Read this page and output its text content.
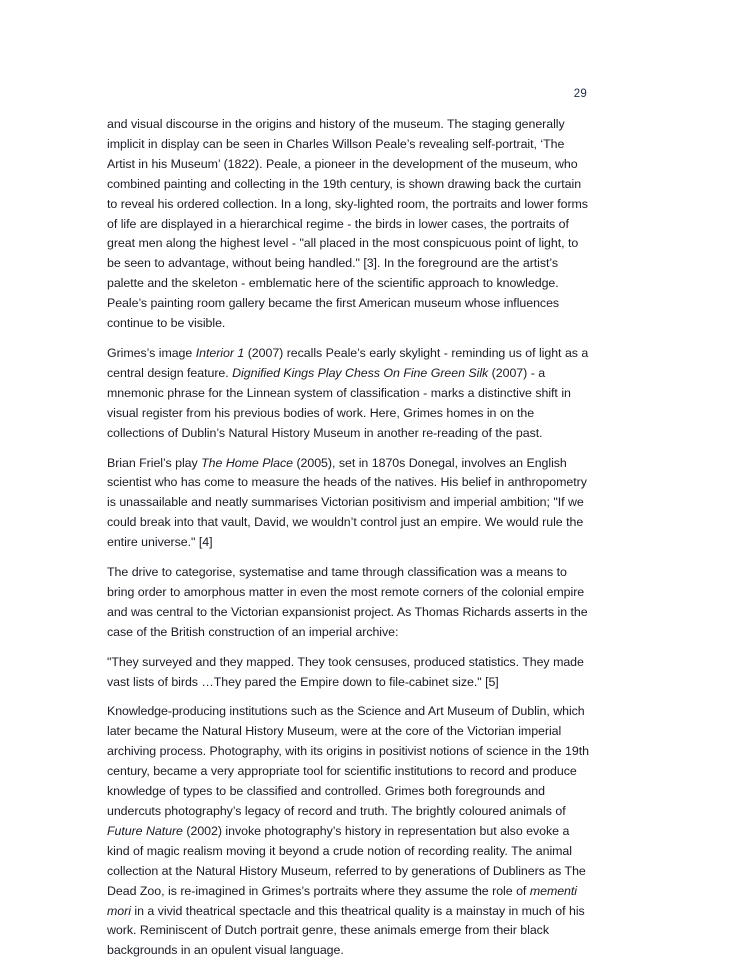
29

and visual discourse in the origins and history of the museum. The staging generally implicit in display can be seen in Charles Willson Peale’s revealing self-portrait, ‘The Artist in his Museum’ (1822). Peale, a pioneer in the development of the museum, who combined painting and collecting in the 19th century, is shown drawing back the curtain to reveal his ordered collection. In a long, sky-lighted room, the portraits and lower forms of life are displayed in a hierarchical regime - the birds in lower cases, the portraits of great men along the highest level - "all placed in the most conspicuous point of light, to be seen to advantage, without being handled." [3]. In the foreground are the artist’s palette and the skeleton - emblematic here of the scientific approach to knowledge. Peale’s painting room gallery became the first American museum whose influences continue to be visible.

Grimes’s image Interior 1 (2007) recalls Peale’s early skylight - reminding us of light as a central design feature. Dignified Kings Play Chess On Fine Green Silk (2007) - a mnemonic phrase for the Linnean system of classification - marks a distinctive shift in visual register from his previous bodies of work. Here, Grimes homes in on the collections of Dublin’s Natural History Museum in another re-reading of the past.

Brian Friel’s play The Home Place (2005), set in 1870s Donegal, involves an English scientist who has come to measure the heads of the natives. His belief in anthropometry is unassailable and neatly summarises Victorian positivism and imperial ambition; "If we could break into that vault, David, we wouldn’t control just an empire. We would rule the entire universe." [4]

The drive to categorise, systematise and tame through classification was a means to bring order to amorphous matter in even the most remote corners of the colonial empire and was central to the Victorian expansionist project. As Thomas Richards asserts in the case of the British construction of an imperial archive:

"They surveyed and they mapped. They took censuses, produced statistics. They made vast lists of birds …They pared the Empire down to file-cabinet size." [5]

Knowledge-producing institutions such as the Science and Art Museum of Dublin, which later became the Natural History Museum, were at the core of the Victorian imperial archiving process. Photography, with its origins in positivist notions of science in the 19th century, became a very appropriate tool for scientific institutions to record and produce knowledge of types to be classified and controlled. Grimes both foregrounds and undercuts photography’s legacy of record and truth. The brightly coloured animals of Future Nature (2002) invoke photography’s history in representation but also evoke a kind of magic realism moving it beyond a crude notion of recording reality. The animal collection at the Natural History Museum, referred to by generations of Dubliners as The Dead Zoo, is re-imagined in Grimes’s portraits where they assume the role of mementi mori in a vivid theatrical spectacle and this theatrical quality is a mainstay in much of his work. Reminiscent of Dutch portrait genre, these animals emerge from their black backgrounds in an opulent visual language.
